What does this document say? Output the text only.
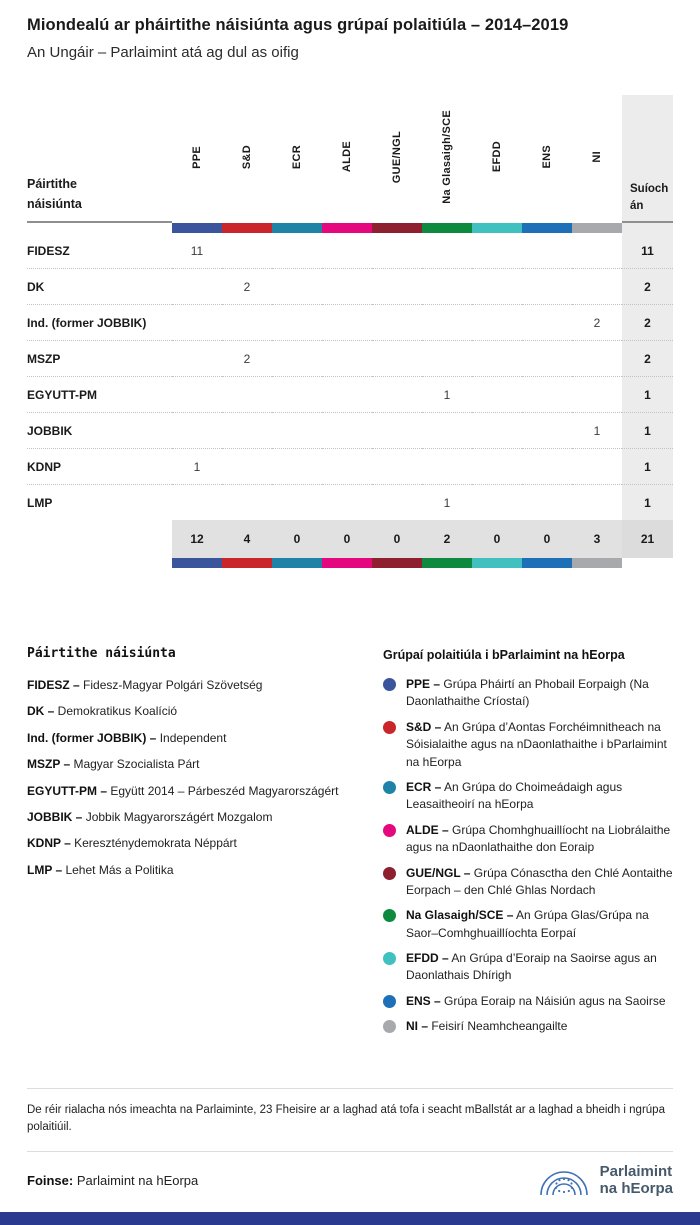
Miondealú ar pháirtithe náisiúnta agus grúpaí polaitiúla – 2014–2019
An Ungáir – Parlaimint atá ag dul as oifig
Páirtithe náisiúnta	PPE	S&D	ECR	ALDE	GUE/NGL	Na Glasaigh/SCE	EFDD	ENS	NI	Suíochán

FIDESZ	11									11
DK		2								2
Ind. (former JOBBIK)									2	2
MSZP		2								2
EGYUTT-PM						1				1
JOBBIK									1	1
KDNP	1									1
LMP						1				1
	12	4	0	0	0	2	0	0	3	21

Páirtithe náisiúnta
FIDESZ – Fidesz-Magyar Polgári Szövetség
DK – Demokratikus Koalíció
Ind. (former JOBBIK) – Independent
MSZP – Magyar Szocialista Párt
EGYUTT-PM – Együtt 2014 – Párbeszéd Magyarországért
JOBBIK – Jobbik Magyarországért Mozgalom
KDNP – Kereszténydemokrata Néppárt
LMP – Lehet Más a Politika
Grúpaí polaitiúla i bParlaimint na hEorpa
PPE – Grúpa Pháirtí an Phobail Eorpaigh (Na Daonlathaithe Críostaí)
S&D – An Grúpa d’Aontas Forchéimnitheach na Sóisialaithe agus na nDaonlathaithe i bParlaimint na hEorpa
ECR – An Grúpa do Choimeádaigh agus Leasaitheoirí na hEorpa
ALDE – Grúpa Chomhghuaillíocht na Liobrálaithe agus na nDaonlathaithe don Eoraip
GUE/NGL – Grúpa Cónasctha den Chlé Aontaithe Eorpach – den Chlé Ghlas Nordach
Na Glasaigh/SCE – An Grúpa Glas/Grúpa na Saor–Comhghuaillíochta Eorpaí
EFDD – An Grúpa d’Eoraip na Saoirse agus an Daonlathais Dhírigh
ENS – Grúpa Eoraip na Náisiún agus na Saoirse
NI – Feisirí Neamhcheangailte
De réir rialacha nós imeachta na Parlaiminte, 23 Fheisire ar a laghad atá tofa i seacht mBallstát ar a laghad a bheidh i ngrúpa polaitiúil.
Foinse: Parlaimint na hEorpa
Parlaimint
na hEorpa
